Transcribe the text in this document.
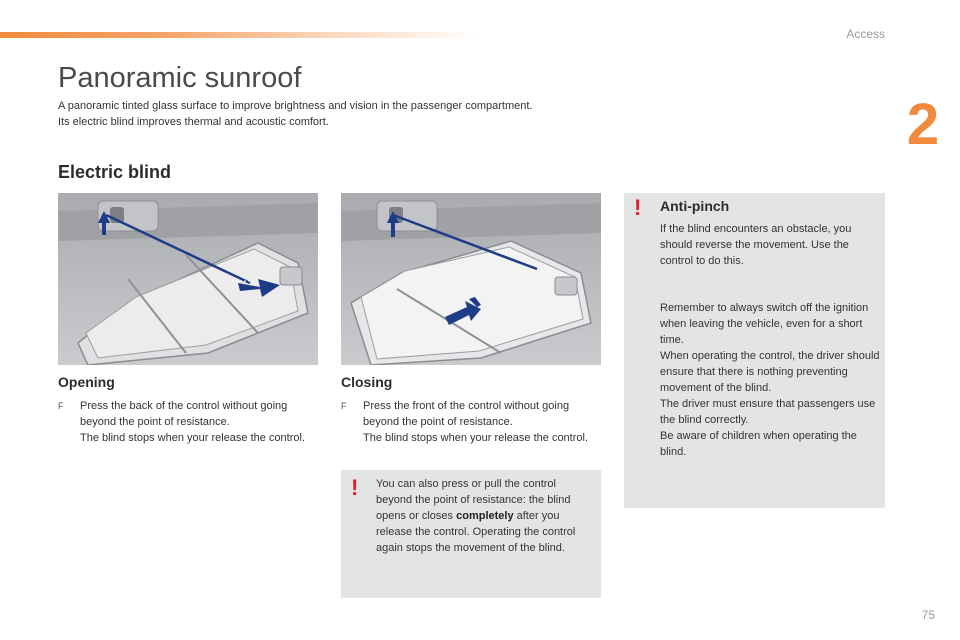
Access
2
Panoramic sunroof

A panoramic tinted glass surface to improve brightness and vision in the passenger compartment.

Its electric blind improves thermal and acoustic comfort.

Electric blind
Opening
F Press the back of the control without going beyond the point of resistance.
The blind stops when your release the control.
Closing
F Press the front of the control without going beyond the point of resistance.
The blind stops when your release the control.
! You can also press or pull the control beyond the point of resistance: the blind opens or closes completely after you release the control. Operating the control again stops the movement of the blind.
! Anti-pinch
If the blind encounters an obstacle, you should reverse the movement. Use the control to do this.
Remember to always switch off the ignition when leaving the vehicle, even for a short time.
When operating the control, the driver should ensure that there is nothing preventing movement of the blind.
The driver must ensure that passengers use the blind correctly.
Be aware of children when operating the blind.
75
